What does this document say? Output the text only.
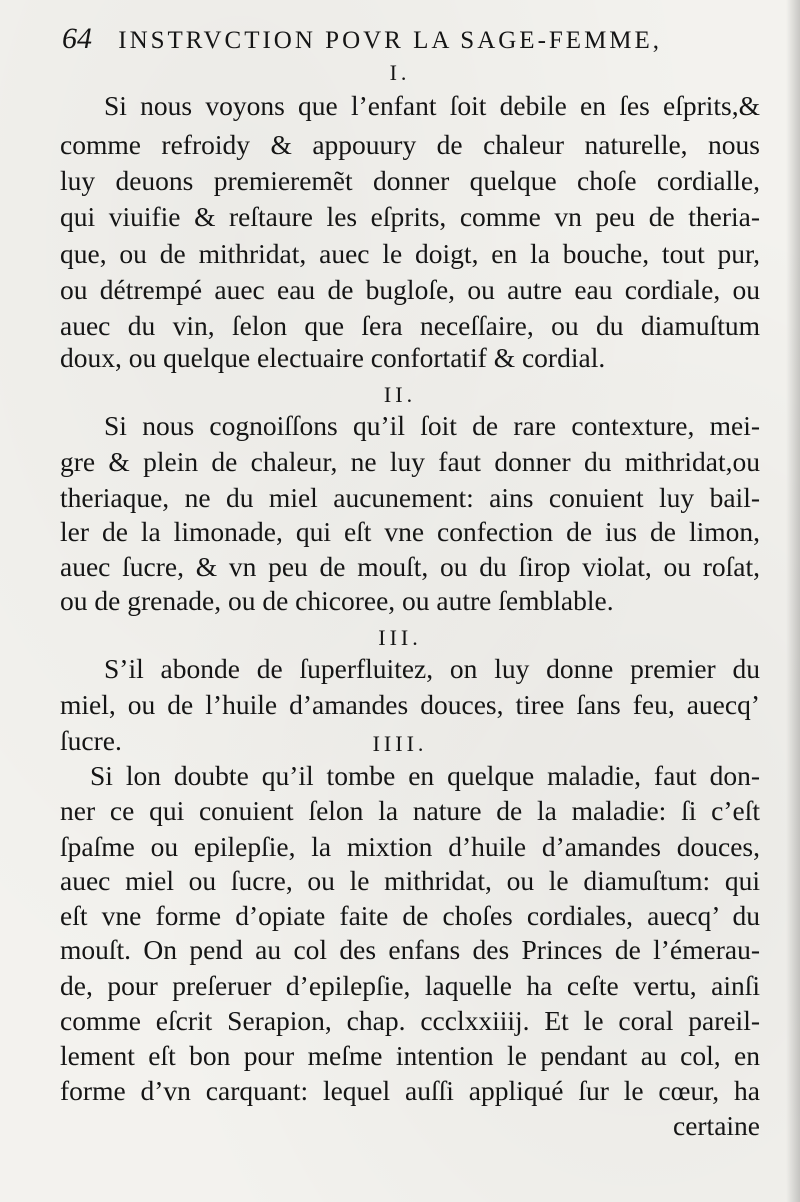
64 INSTRVCTION POVR LA SAGE-FEMME,
I.
Si nous voyons que l’enfant ſoit debile en ſes eſprits,&
comme refroidy & appouury de chaleur naturelle, nous
luy deuons premieremẽt donner quelque choſe cordialle,
qui viuifie & reſtaure les eſprits, comme vn peu de theria-
que, ou de mithridat, auec le doigt, en la bouche, tout pur,
ou détrempé auec eau de bugloſe, ou autre eau cordiale, ou
auec du vin, ſelon que ſera neceſſaire, ou du diamuſtum
doux, ou quelque electuaire confortatif & cordial.
II.
Si nous cognoiſſons qu’il ſoit de rare contexture, mei-
gre & plein de chaleur, ne luy faut donner du mithridat,ou
theriaque, ne du miel aucunement: ains conuient luy bail-
ler de la limonade, qui eſt vne confection de ius de limon,
auec ſucre, & vn peu de mouſt, ou du ſirop violat, ou roſat,
ou de grenade, ou de chicoree, ou autre ſemblable.
III.
S’il abonde de ſuperfluitez, on luy donne premier du
miel, ou de l’huile d’amandes douces, tiree ſans feu, auecq’
ſucre.	IIII.
Si lon doubte qu’il tombe en quelque maladie, faut don-
ner ce qui conuient ſelon la nature de la maladie: ſi c’eſt
ſpaſme ou epilepſie, la mixtion d’huile d’amandes douces,
auec miel ou ſucre, ou le mithridat, ou le diamuſtum: qui
eſt vne forme d’opiate faite de choſes cordiales, auecq’ du
mouſt. On pend au col des enfans des Princes de l’émerau-
de, pour preſeruer d’epilepſie, laquelle ha ceſte vertu, ainſi
comme eſcrit Serapion, chap. ccclxxiiij. Et le coral pareil-
lement eſt bon pour meſme intention le pendant au col, en
forme d’vn carquant: lequel auſſi appliqué ſur le cœur, ha
certaine
